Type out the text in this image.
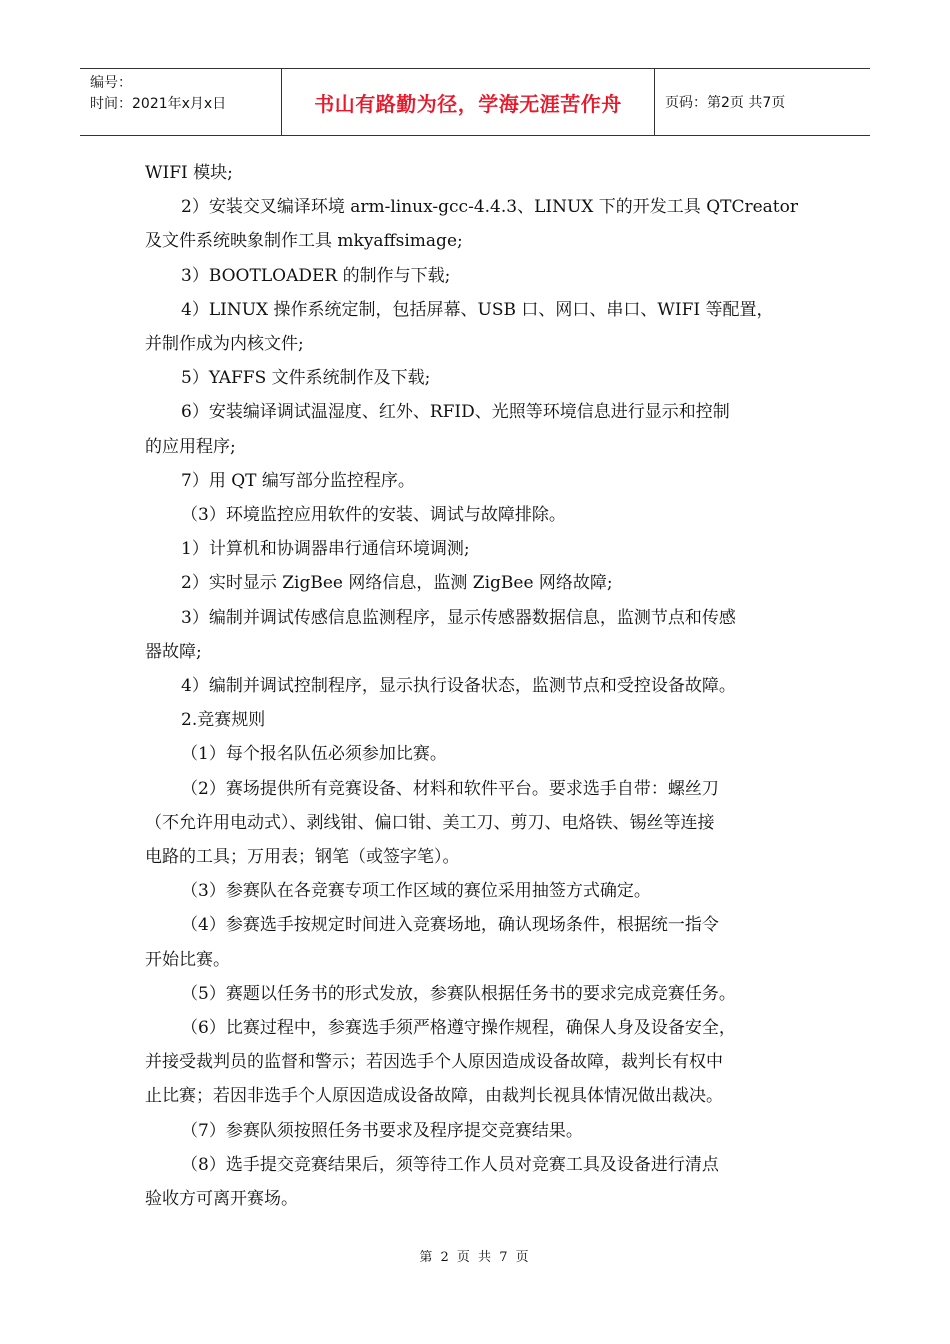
编号：
时间：2021年x月x日	书山有路勤为径，学海无涯苦作舟	页码：第2页 共7页

WIFI 模块;

2）安装交叉编译环境 arm-linux-gcc-4.4.3、LINUX 下的开发工具 QTCreator

及文件系统映象制作工具 mkyaffsimage;

3）BOOTLOADER 的制作与下载;

4）LINUX 操作系统定制，包括屏幕、USB 口、网口、串口、WIFI 等配置，

并制作成为内核文件;

5）YAFFS 文件系统制作及下载;

6）安装编译调试温湿度、红外、RFID、光照等环境信息进行显示和控制

的应用程序;

7）用 QT 编写部分监控程序。

（3）环境监控应用软件的安装、调试与故障排除。

1）计算机和协调器串行通信环境调测;

2）实时显示 ZigBee 网络信息，监测 ZigBee 网络故障;

3）编制并调试传感信息监测程序，显示传感器数据信息，监测节点和传感

器故障;

4）编制并调试控制程序，显示执行设备状态，监测节点和受控设备故障。

2.竞赛规则

（1）每个报名队伍必须参加比赛。

（2）赛场提供所有竞赛设备、材料和软件平台。要求选手自带：螺丝刀

（不允许用电动式）、剥线钳、偏口钳、美工刀、剪刀、电烙铁、锡丝等连接

电路的工具；万用表；钢笔（或签字笔）。

（3）参赛队在各竞赛专项工作区域的赛位采用抽签方式确定。

（4）参赛选手按规定时间进入竞赛场地，确认现场条件，根据统一指令

开始比赛。

（5）赛题以任务书的形式发放，参赛队根据任务书的要求完成竞赛任务。

（6）比赛过程中，参赛选手须严格遵守操作规程，确保人身及设备安全，

并接受裁判员的监督和警示；若因选手个人原因造成设备故障，裁判长有权中

止比赛；若因非选手个人原因造成设备故障，由裁判长视具体情况做出裁决。

（7）参赛队须按照任务书要求及程序提交竞赛结果。

（8）选手提交竞赛结果后，须等待工作人员对竞赛工具及设备进行清点

验收方可离开赛场。

第 2 页 共 7 页
